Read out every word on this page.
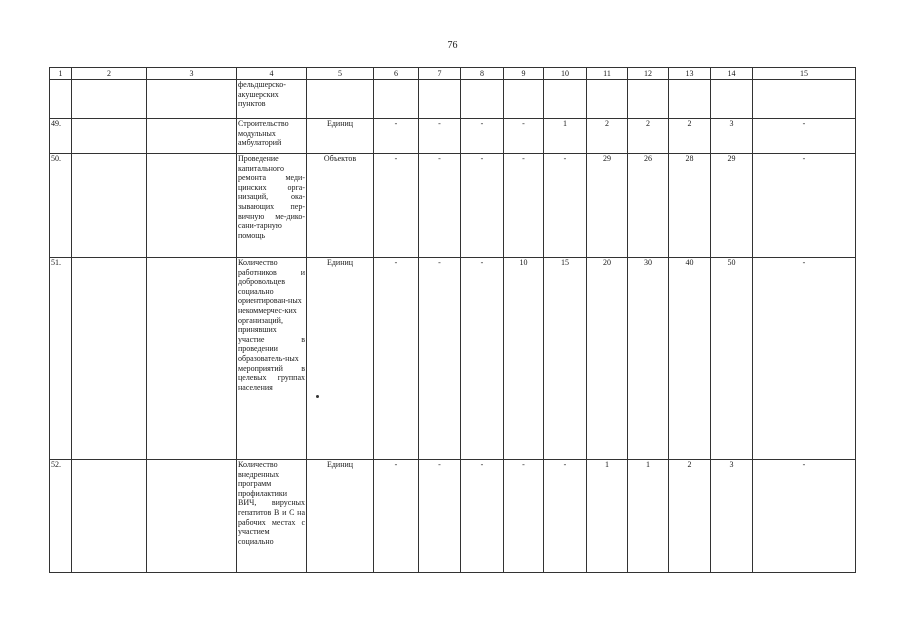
76
1	2	3	4	5	6	7	8	9	10	11	12	13	14	15
			фельдшерско-акушерских пунктов											
49.			Строительство модульных амбулаторий	Единиц	-	-	-	-	1	2	2	2	3	-
50.			Проведение капитального ремонта меди-цинских орга-низаций, ока-зывающих пер-вичную ме-дико-сани-тарную помощь	Объектов	-	-	-	-	-	29	26	28	29	-
51.			Количество работников и добровольцев социально ориентирован-ных некоммерчес-ких организаций, принявших участие в проведении образователь-ных мероприятий в целевых группах населения	Единиц	-	-	-	10	15	20	30	40	50	-
52.			Количество внедренных программ профилактики ВИЧ, вирусных гепатитов В и С на рабочих местах с участием социально	Единиц	-	-	-	-	-	1	1	2	3	-
